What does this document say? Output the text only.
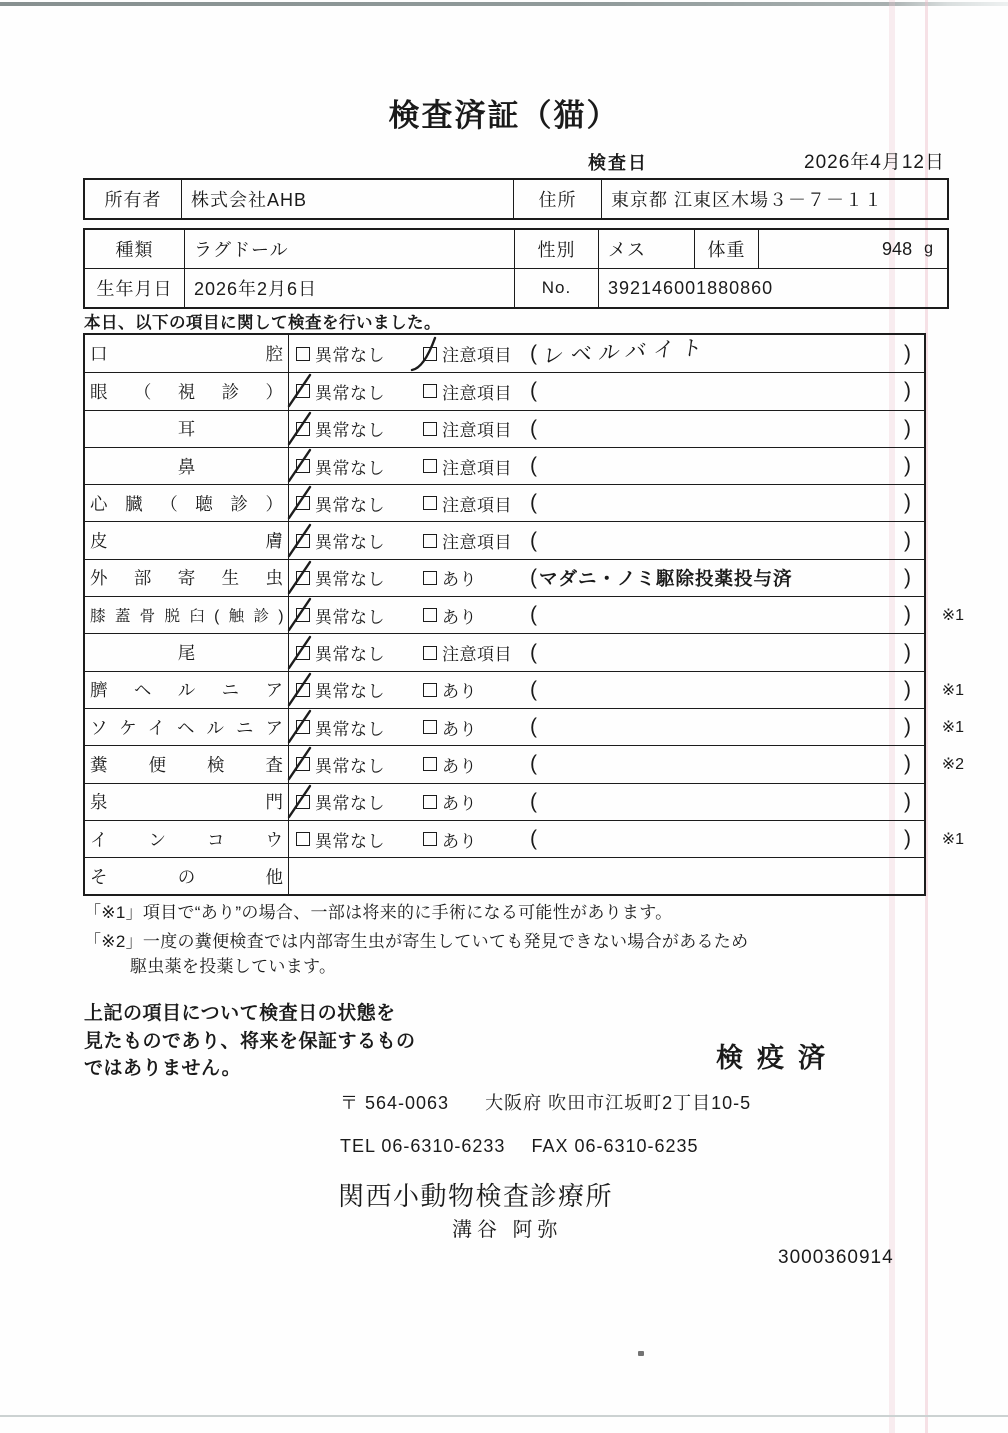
検査済証（猫）
検査日	2026年4月12日
所有者	株式会社AHB	住所	東京都 江東区木場３－７－１１
種類	ラグドール	性別	メス	体重	948 g
生年月日	2026年2月6日	No.	392146001880860
本日、以下の項目に関して検査を行いました。
口腔 異常なし	注意項目 ( レベルバイト	)
眼（視診） 異常なし	注意項目 (	)
耳	異常なし	注意項目 (	)
鼻	異常なし	注意項目 (	)
心臓（聴診） 異常なし	注意項目 (	)
皮膚 異常なし	注意項目 (	)
外部寄生虫 異常なし	あり	( マダニ・ノミ駆除投薬投与済	)
膝蓋骨脱臼(触診) 異常なし	あり	(	) ※1
尾	異常なし	注意項目 (	)
臍ヘルニア 異常なし	あり	(	) ※1
ソケイヘルニア 異常なし	あり	(	) ※1
糞便検査 異常なし	あり	(	) ※2
泉門 異常なし	あり	(	)
インコウ 異常なし	あり	(	) ※1
その他
「※1」項目で“あり”の場合、一部は将来的に手術になる可能性があります。
「※2」一度の糞便検査では内部寄生虫が寄生していても発見できない場合があるため
駆虫薬を投薬しています。
上記の項目について検査日の状態を
見たものであり、将来を保証するもの
ではありません。	検疫済
〒 564-0063 大阪府 吹田市江坂町2丁目10-5
TEL 06-6310-6233 FAX 06-6310-6235
関西小動物検査診療所
溝谷 阿弥
3000360914
